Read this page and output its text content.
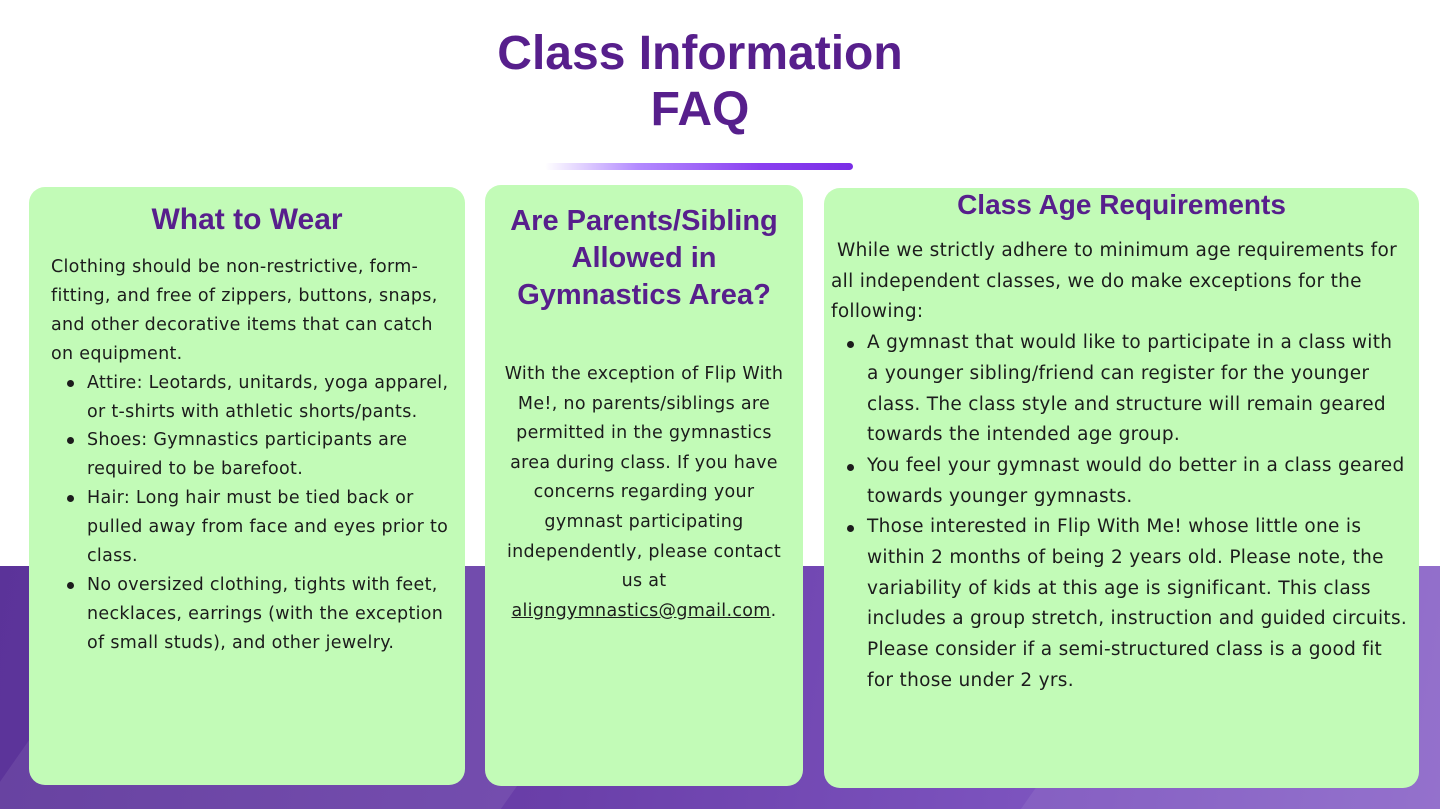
Class Information
FAQ
What to Wear

Clothing should be non-restrictive, form-fitting, and free of zippers, buttons, snaps, and other decorative items that can catch on equipment.

Attire: Leotards, unitards, yoga apparel, or t-shirts with athletic shorts/pants.
Shoes: Gymnastics participants are required to be barefoot.
Hair: Long hair must be tied back or pulled away from face and eyes prior to class.
No oversized clothing, tights with feet, necklaces, earrings (with the exception of small studs), and other jewelry.
Are Parents/Sibling Allowed in Gymnastics Area?
With the exception of Flip With Me!, no parents/siblings are permitted in the gymnastics area during class. If you have concerns regarding your gymnast participating independently, please contact us at aligngymnastics@gmail.com.
Class Age Requirements

While we strictly adhere to minimum age requirements for all independent classes, we do make exceptions for the following:

A gymnast that would like to participate in a class with a younger sibling/friend can register for the younger class. The class style and structure will remain geared towards the intended age group.
You feel your gymnast would do better in a class geared towards younger gymnasts.
Those interested in Flip With Me! whose little one is within 2 months of being 2 years old. Please note, the variability of kids at this age is significant. This class includes a group stretch, instruction and guided circuits. Please consider if a semi-structured class is a good fit for those under 2 yrs.
